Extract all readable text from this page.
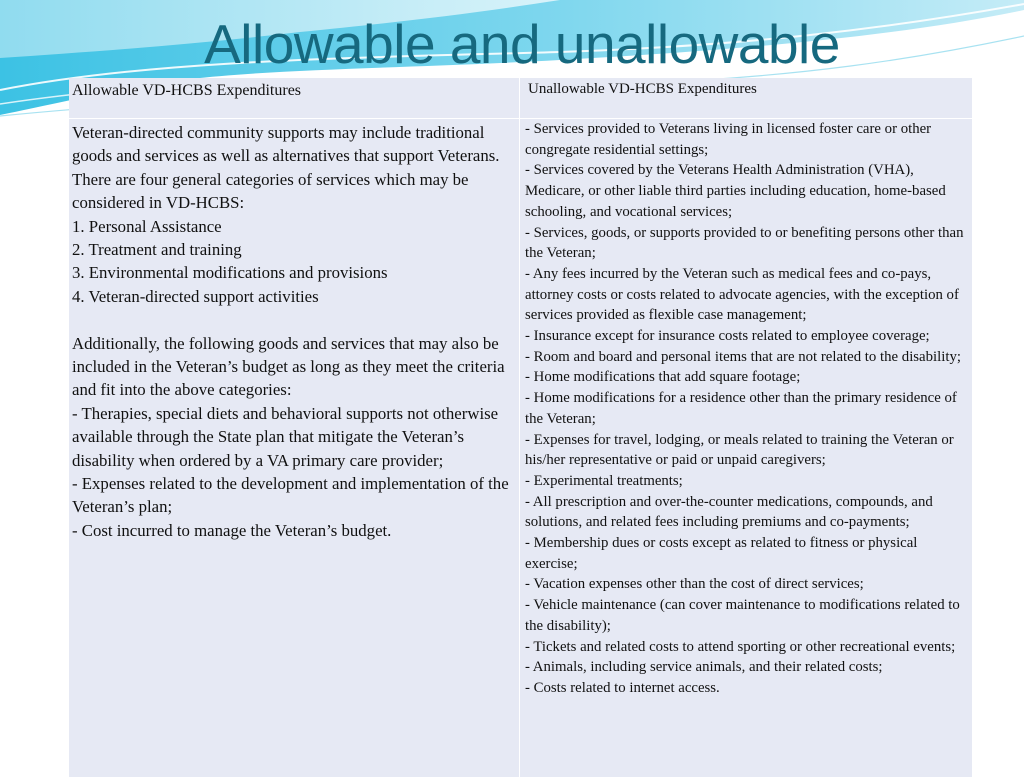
Allowable and unallowable
Allowable VD-HCBS Expenditures	Unallowable VD-HCBS Expenditures

Veteran-directed community supports may include traditional goods and services as well as alternatives that support Veterans. There are four general categories of services which may be considered in VD-HCBS:

1. Personal Assistance

2. Treatment and training

3. Environmental modifications and provisions

4. Veteran-directed support activities

Additionally, the following goods and services that may also be included in the Veteran’s budget as long as they meet the criteria and fit into the above categories:

- Therapies, special diets and behavioral supports not otherwise available through the State plan that mitigate the Veteran’s disability when ordered by a VA primary care provider;

- Expenses related to the development and implementation of the Veteran’s plan;

- Cost incurred to manage the Veteran’s budget.

- Services provided to Veterans living in licensed foster care or other congregate residential settings;

- Services covered by the Veterans Health Administration (VHA), Medicare, or other liable third parties including education, home-based schooling, and vocational services;

- Services, goods, or supports provided to or benefiting persons other than the Veteran;

- Any fees incurred by the Veteran such as medical fees and co-pays, attorney costs or costs related to advocate agencies, with the exception of services provided as flexible case management;

- Insurance except for insurance costs related to employee coverage;

- Room and board and personal items that are not related to the disability;

- Home modifications that add square footage;

- Home modifications for a residence other than the primary residence of the Veteran;

- Expenses for travel, lodging, or meals related to training the Veteran or his/her representative or paid or unpaid caregivers;

- Experimental treatments;

- All prescription and over-the-counter medications, compounds, and solutions, and related fees including premiums and co-payments;

- Membership dues or costs except as related to fitness or physical exercise;

- Vacation expenses other than the cost of direct services;

- Vehicle maintenance (can cover maintenance to modifications related to the disability);

- Tickets and related costs to attend sporting or other recreational events;

- Animals, including service animals, and their related costs;

- Costs related to internet access.
